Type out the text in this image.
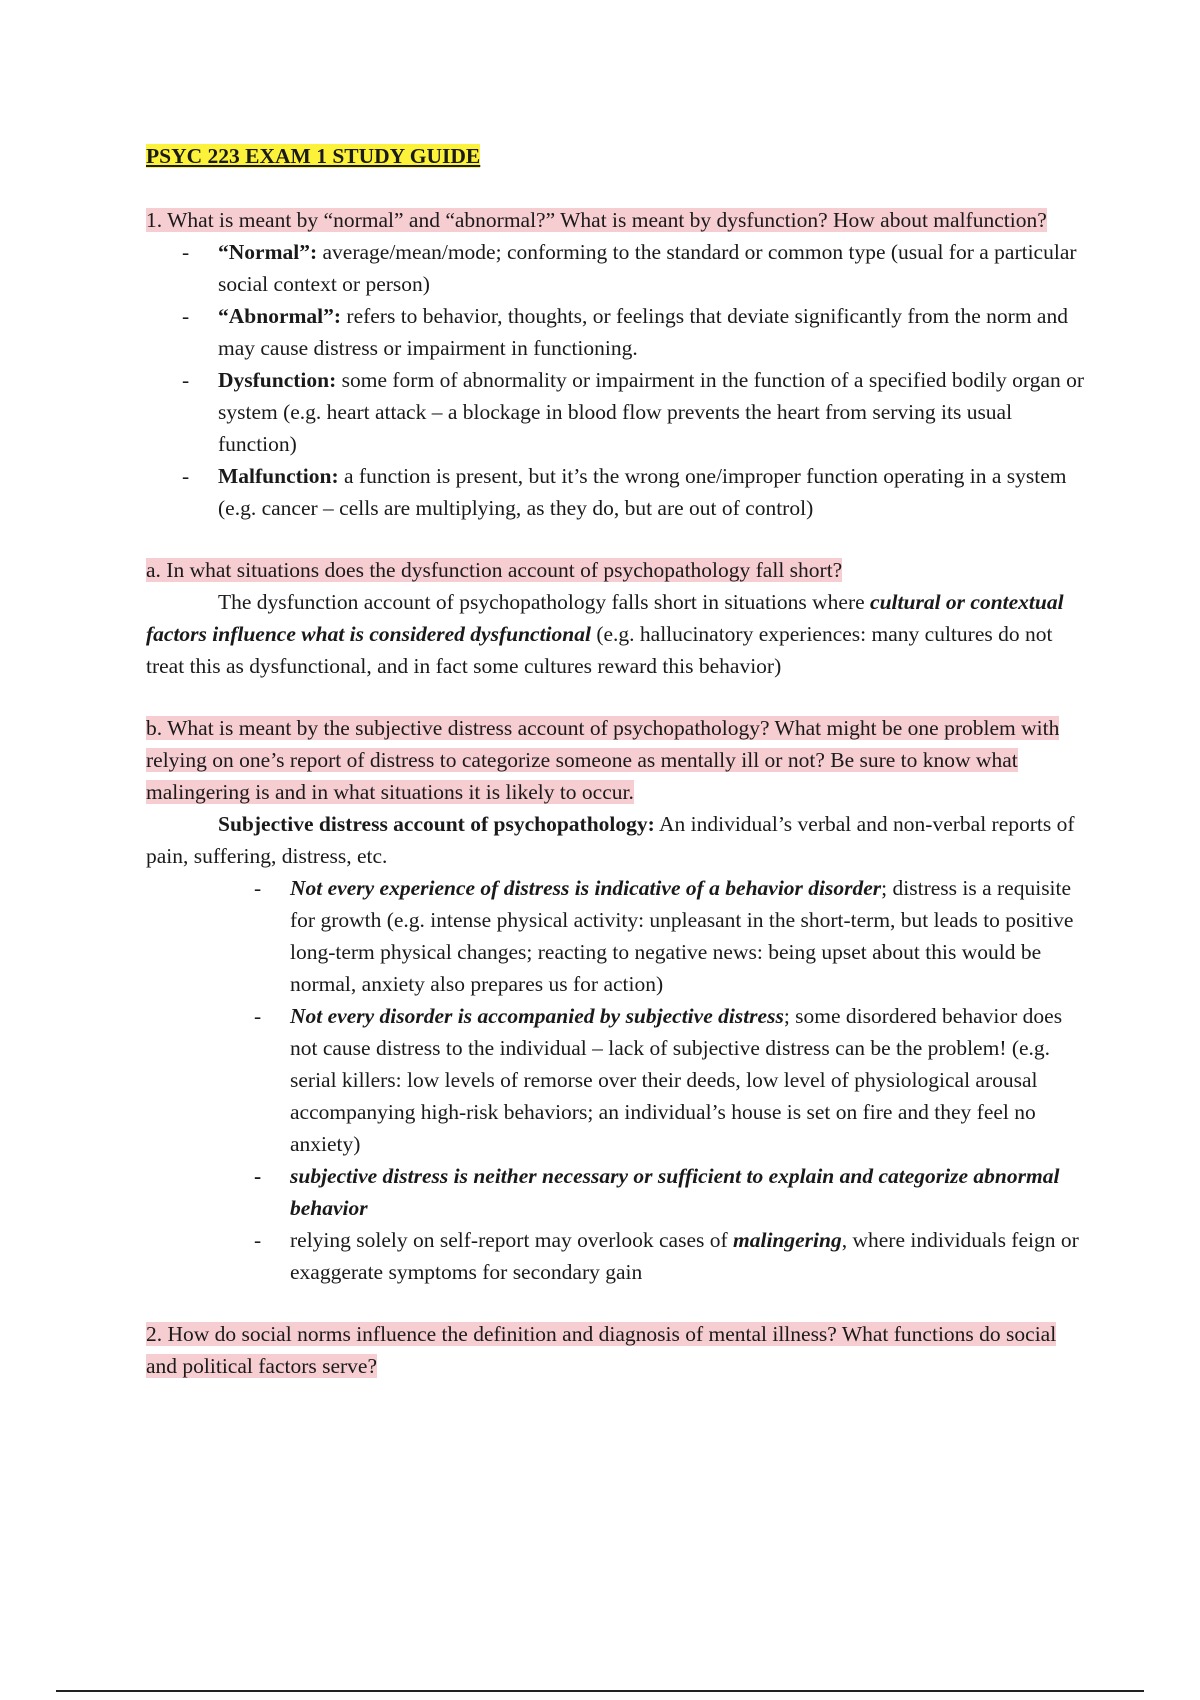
PSYC 223 EXAM 1 STUDY GUIDE

1. What is meant by “normal” and “abnormal?” What is meant by dysfunction? How about malfunction?

- “Normal”: average/mean/mode; conforming to the standard or common type (usual for a particular social context or person)
- “Abnormal”: refers to behavior, thoughts, or feelings that deviate significantly from the norm and may cause distress or impairment in functioning.
- Dysfunction: some form of abnormality or impairment in the function of a specified bodily organ or system (e.g. heart attack – a blockage in blood flow prevents the heart from serving its usual function)
- Malfunction: a function is present, but it’s the wrong one/improper function operating in a system (e.g. cancer – cells are multiplying, as they do, but are out of control)

a. In what situations does the dysfunction account of psychopathology fall short?

The dysfunction account of psychopathology falls short in situations where cultural or contextual factors influence what is considered dysfunctional (e.g. hallucinatory experiences: many cultures do not treat this as dysfunctional, and in fact some cultures reward this behavior)

b. What is meant by the subjective distress account of psychopathology? What might be one problem with relying on one’s report of distress to categorize someone as mentally ill or not? Be sure to know what malingering is and in what situations it is likely to occur.

Subjective distress account of psychopathology: An individual’s verbal and non-verbal reports of pain, suffering, distress, etc.

- Not every experience of distress is indicative of a behavior disorder; distress is a requisite for growth (e.g. intense physical activity: unpleasant in the short-term, but leads to positive long-term physical changes; reacting to negative news: being upset about this would be normal, anxiety also prepares us for action)
- Not every disorder is accompanied by subjective distress; some disordered behavior does not cause distress to the individual – lack of subjective distress can be the problem! (e.g. serial killers: low levels of remorse over their deeds, low level of physiological arousal accompanying high-risk behaviors; an individual’s house is set on fire and they feel no anxiety)
- subjective distress is neither necessary or sufficient to explain and categorize abnormal behavior
- relying solely on self-report may overlook cases of malingering, where individuals feign or exaggerate symptoms for secondary gain

2. How do social norms influence the definition and diagnosis of mental illness? What functions do social and political factors serve?
